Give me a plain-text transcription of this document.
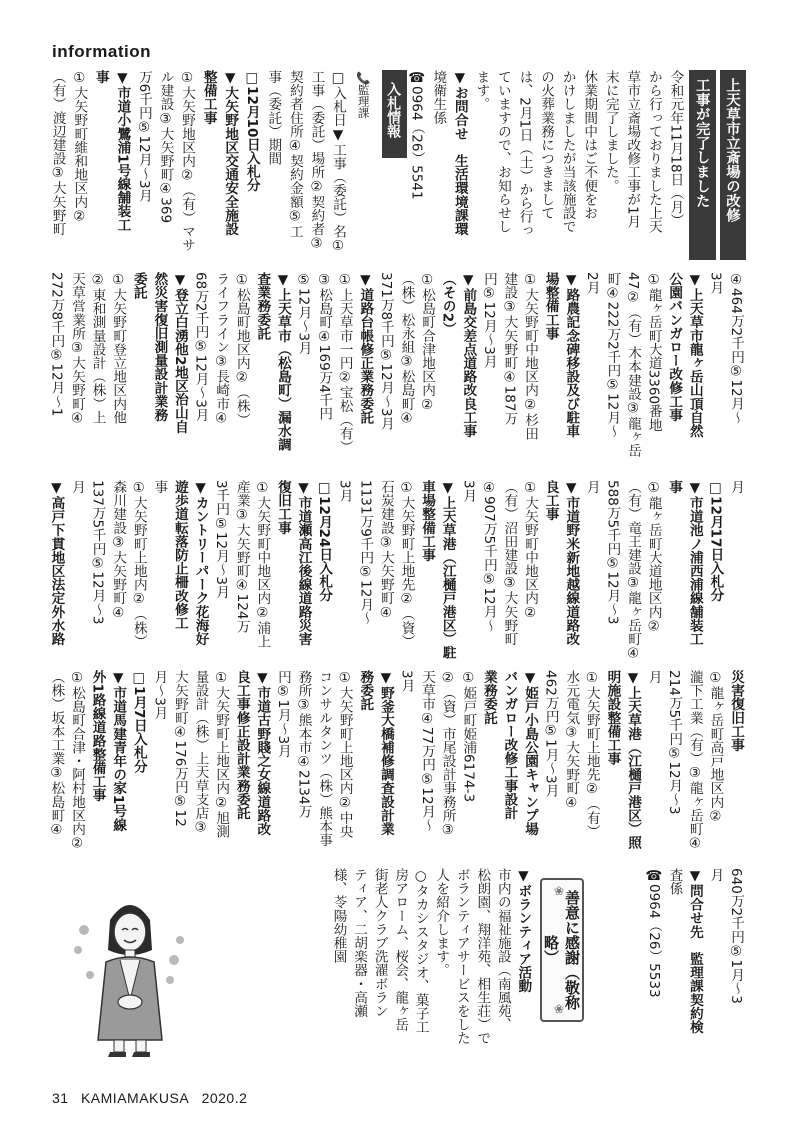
information
上天草市立斎場の改修
工事が完了しました
令和元年11月18日（月）
から行っておりました上天
草市立斎場改修工事が1月
末に完了しました。
休業期間中はご不便をお
かけしましたが当該施設で
の火葬業務につきまして
は、2月1日（土）から行っ
ていますので、お知らせし
ます。
▼お問合せ　生活環境課環
境衛生係
☎0964（26）5541
入札情報
📞監理課
□入札日▼工事（委託）名①
工事（委託）場所②契約者③
契約者住所④契約金額⑤工
事（委託）期間
□12月10日入札分
▼大矢野地区交通安全施設
整備工事
①大矢野地区内②（有）マサ
ル建設③大矢野町④369
万6千円⑤12月～3月
▼市道小鷺浦1号線舗装工
事
①大矢野町維和地区内②
（有）渡辺建設③大矢野町
④464万2千円⑤12月～
3月
▼上天草市龍ヶ岳山頂自然
公園バンガロー改修工事
①龍ヶ岳町大道3360番地
47②（有）木本建設③龍ヶ岳
町④222万2千円⑤12月～
2月
▼路農記念碑移設及び駐車
場整備工事
①大矢野町中地区内②杉田
建設③大矢野町④187万
円⑤12月～3月
▼前島交差点道路改良工事
（その2）
①松島町合津地区内②
（株）松永組③松島町④
371万8千円⑤12月～3月
▼道路台帳修正業務委託
①上天草市一円②宝松（有）
③松島町④169万4千円
⑤12月～3月
▼上天草市（松島町）漏水調
査業務委託
①松島町地区内②（株）
ライフライン③長崎市④
68万2千円⑤12月～3月
▼登立白湧他2地区治山自
然災害復旧測量設計業務
委託
①大矢野町登立地区内他
②東和測量設計（株）上
天草営業所③大矢野町④
272万8千円⑤12月～1
月
□12月17日入札分
▼市道池ノ浦西浦線舗装工
事
①龍ヶ岳町大道地区内②
（有）竜王建設③龍ヶ岳町④
588万5千円⑤12月～3
月
▼市道野米新地越線道路改
良工事
①大矢野町中地区内②
（有）沼田建設③大矢野町
④907万5千円⑤12月～
3月
▼上天草港（江樋戸港区）駐
車場整備工事
①大矢野町上地先②（資）
石炭建設③大矢野町④
1131万9千円⑤12月～
3月
□12月24日入札分
▼市道瀬高江後線道路災害
復旧工事
①大矢野町中地区内②浦上
産業③大矢野町④124万
3千円⑤12月～3月
▼カントリーパーク花海好
遊歩道転落防止柵改修工
事
①大矢野町上地内②（株）
森川建設③大矢野町④
137万5千円⑤12月～3
月
▼高戸下貫地区法定外水路
災害復旧工事
①龍ヶ岳町高戸地区内②
瀧下工業（有）③龍ヶ岳町④
214万5千円⑤12月～3
月
▼上天草港（江樋戸港区）照
明施設整備工事
①大矢野町上地先②（有）
水元電気③大矢野町④
462万円⑤1月～3月
▼姫戸小島公園キャンプ場
バンガロー改修工事設計
業務委託
①姫戸町姫浦6174-3
②（資）市尾設計事務所③
天草市④77万円⑤12月～
3月
▼野釜大橋補修調査設計業
務委託
①大矢野町上地区内②中央
コンサルタンツ（株）熊本事
務所③熊本市④2134万
円⑤1月～3月
▼市道古野賤之女線道路改
良工事修正設計業務委託
①大矢野町上地区内②旭測
量設計（株）上天草支店③
大矢野町④176万円⑤12
月～3月
□1月7日入札分
▼市道馬建青年の家1号線
外1路線道路整備工事
①松島町合津・阿村地区内②
（株）坂本工業③松島町④
640万2千円⑤1月～3
月
▼問合せ先　監理課契約検
査係
☎0964（26）5533
▼ボランティア活動
市内の福祉施設（南風苑、
松朗園、翔洋苑、相生荘）で
ボランティアサービスをした
人を紹介します。
○タカシスタジオ、菓子工
房アローム、桜会、龍ヶ岳
街老人クラブ洗濯ボラン
ティア、二胡楽器・高瀬
様、苓陽幼稚園
❀	善意に感謝（敬称略）
❀
31 KAMIAMAKUSA 2020.2
